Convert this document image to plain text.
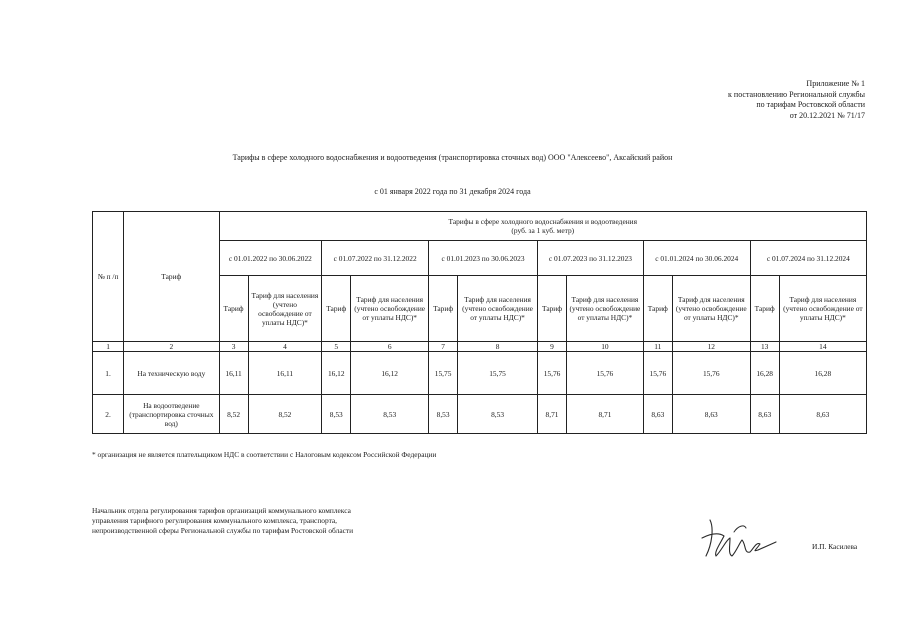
Приложение № 1
к постановлению Региональной службы
по тарифам Ростовской области
от 20.12.2021 № 71/17
Тарифы в сфере холодного водоснабжения и водоотведения (транспортировка сточных вод) ООО "Алексеево", Аксайский район
с 01 января 2022 года по 31 декабря 2024 года
№ п /п	Тариф	Тарифы в сфере холодного водоснабжения и водоотведения
(руб. за 1 куб. метр)											

		с 01.01.2022 по 30.06.2022		с 01.07.2022 по 31.12.2022		с 01.01.2023 по 30.06.2023		с 01.07.2023 по 31.12.2023		с 01.01.2024 по 30.06.2024		с 01.07.2024 по 31.12.2024	
		Тариф	Тариф для населения (учтено освобождение от уплаты НДС)*	Тариф	Тариф для населения (учтено освобождение от уплаты НДС)*	Тариф	Тариф для населения (учтено освобождение от уплаты НДС)*	Тариф	Тариф для населения (учтено освобождение от уплаты НДС)*	Тариф	Тариф для населения (учтено освобождение от уплаты НДС)*	Тариф	Тариф для населения (учтено освобождение от уплаты НДС)*
1	2	3	4	5	6	7	8	9	10	11	12	13	14
1.	На техническую воду	16,11	16,11	16,12	16,12	15,75	15,75	15,76	15,76	15,76	15,76	16,28	16,28
2.	На водоотведение (транспортировка сточных вод)	8,52	8,52	8,53	8,53	8,53	8,53	8,71	8,71	8,63	8,63	8,63	8,63
* организация не является плательщиком НДС в соответствии с Налоговым кодексом Российской Федерации
Начальник отдела регулирования тарифов организаций коммунального комплекса управления тарифного регулирования коммунального комплекса, транспорта, непроизводственной сферы Региональной службы по тарифам Ростовской области
И.П. Касилева
